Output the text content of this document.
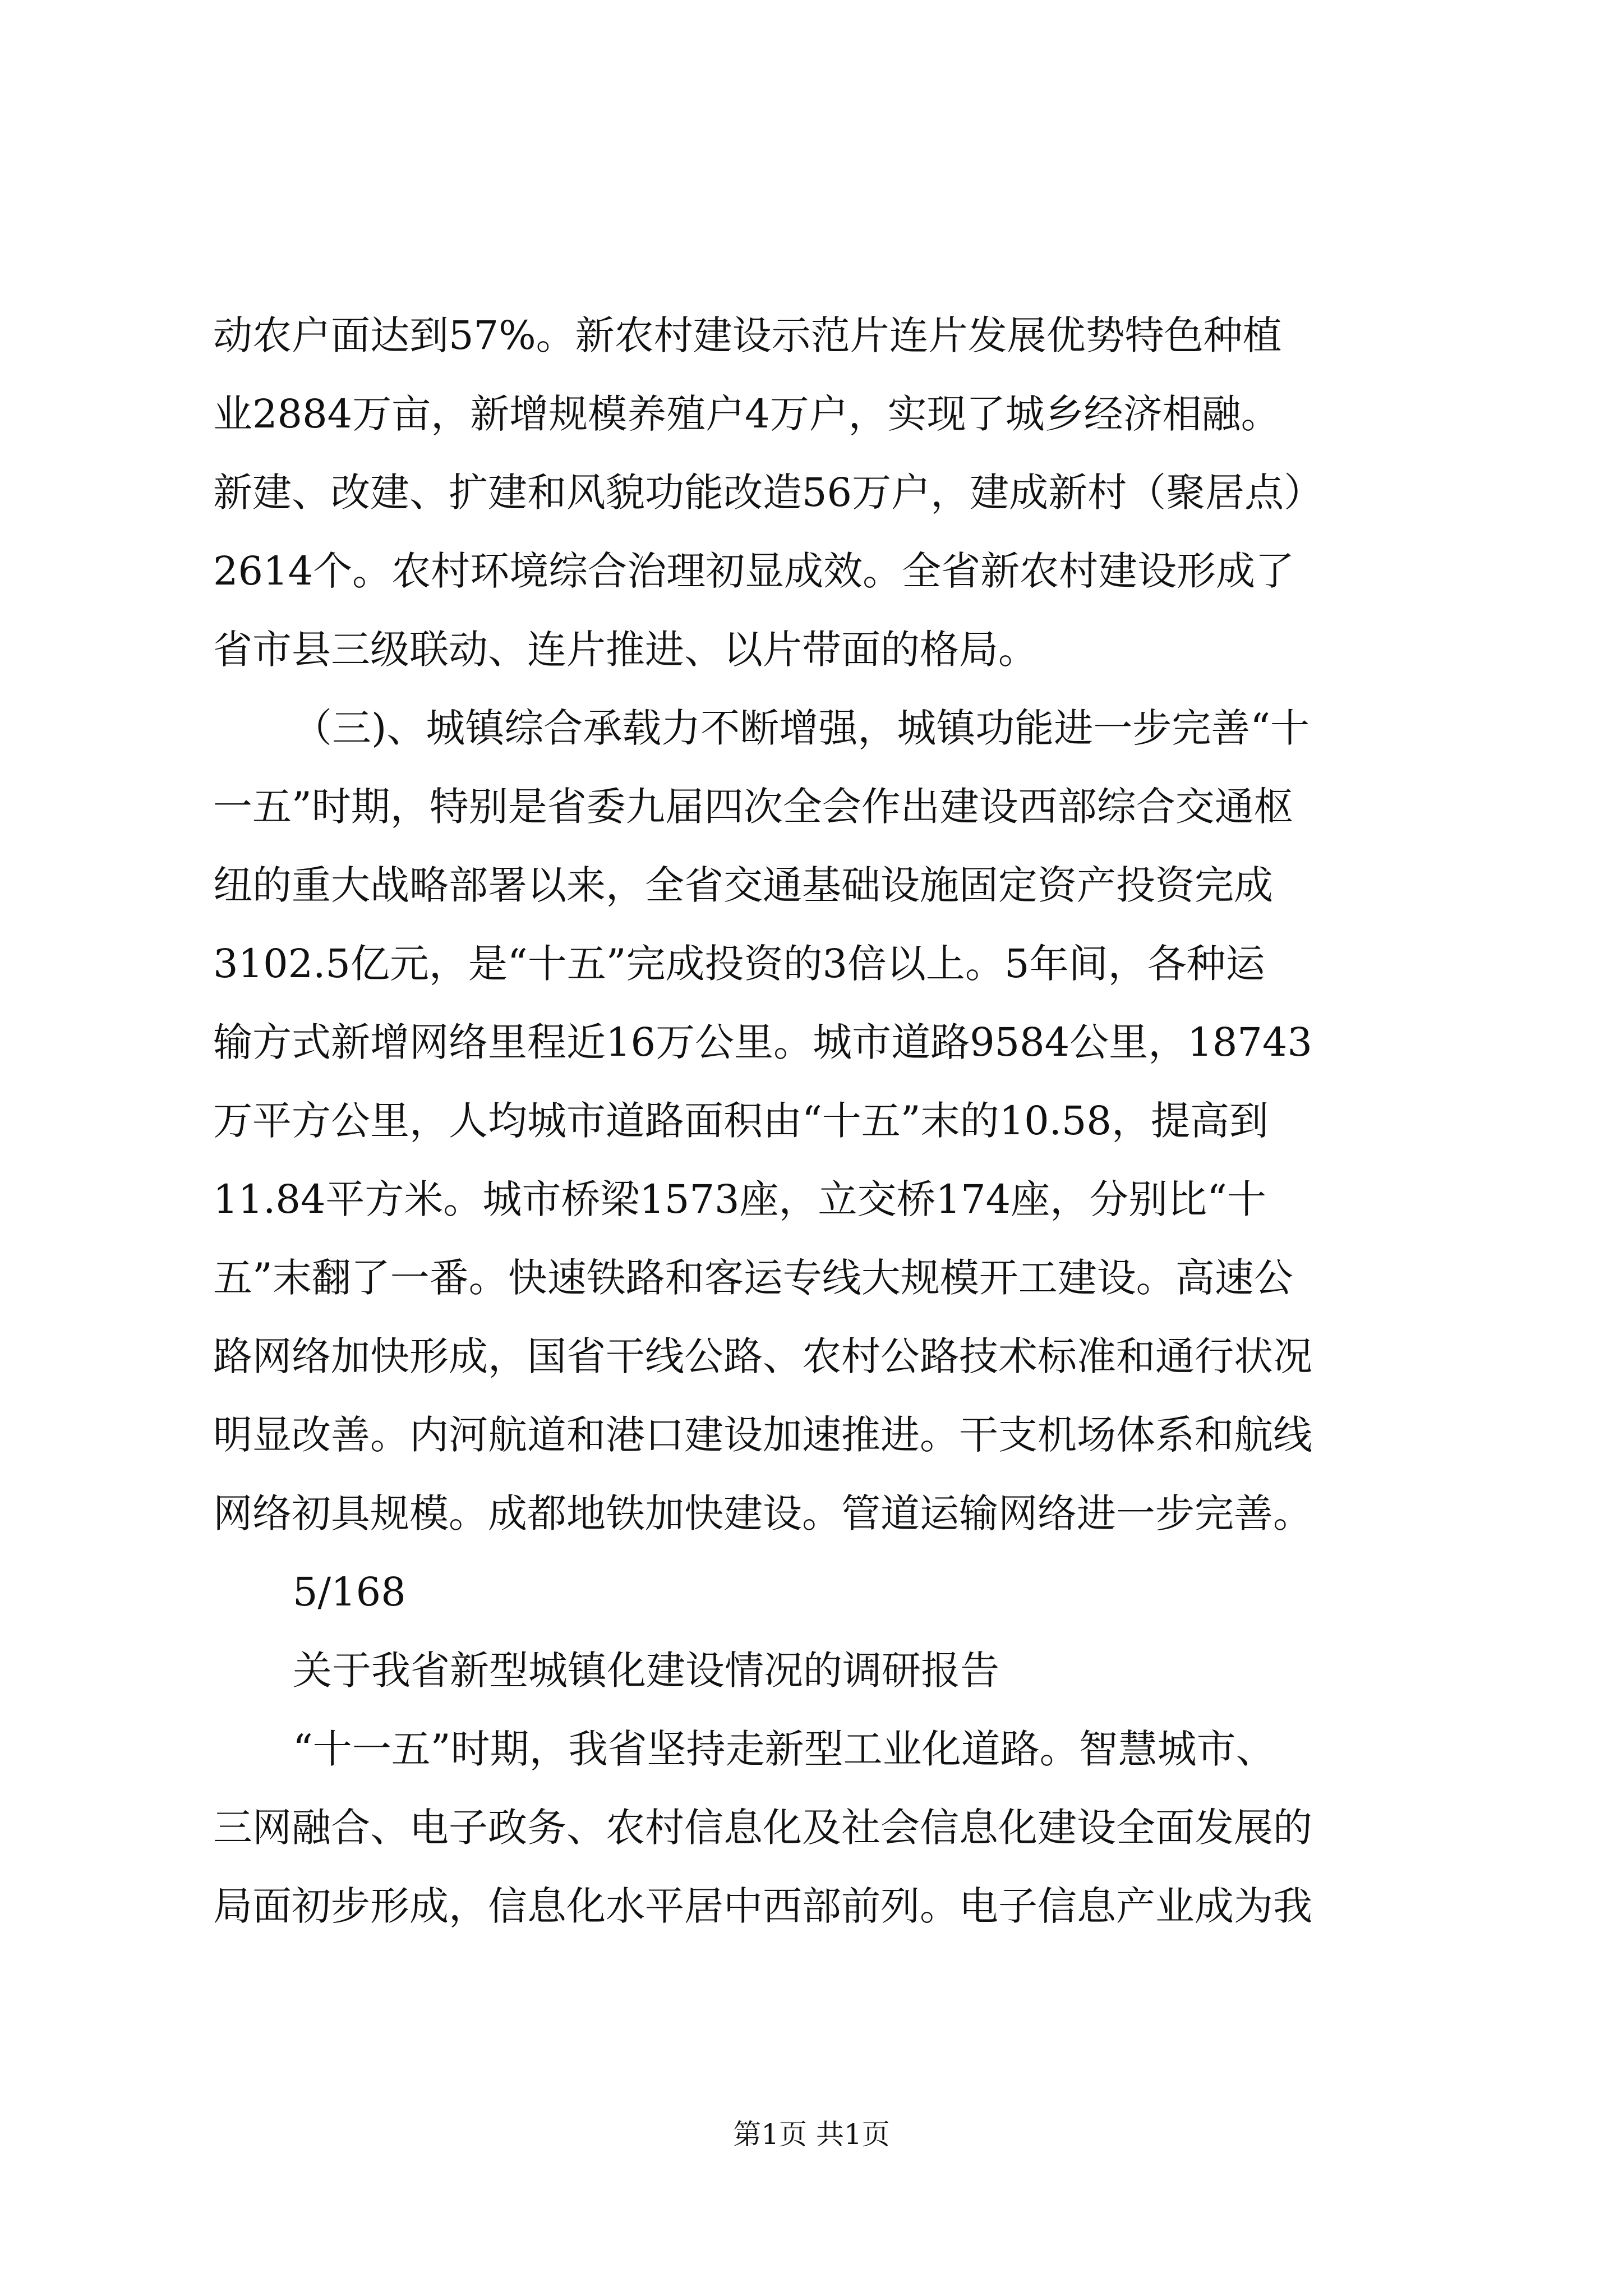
动农户面达到57%。新农村建设示范片连片发展优势特色种植
业2884万亩，新增规模养殖户4万户，实现了城乡经济相融。
新建、改建、扩建和风貌功能改造56万户，建成新村（聚居点）
2614个。农村环境综合治理初显成效。全省新农村建设形成了
省市县三级联动、连片推进、以片带面的格局。
（三)、城镇综合承载力不断增强，城镇功能进一步完善“十
一五”时期，特别是省委九届四次全会作出建设西部综合交通枢
纽的重大战略部署以来，全省交通基础设施固定资产投资完成
3102.5亿元，是“十五”完成投资的3倍以上。5年间，各种运
输方式新增网络里程近16万公里。城市道路9584公里，18743
万平方公里，人均城市道路面积由“十五”末的10.58，提高到
11.84平方米。城市桥梁1573座，立交桥174座，分别比“十
五”末翻了一番。快速铁路和客运专线大规模开工建设。高速公
路网络加快形成，国省干线公路、农村公路技术标准和通行状况
明显改善。内河航道和港口建设加速推进。干支机场体系和航线
网络初具规模。成都地铁加快建设。管道运输网络进一步完善。
5/168
关于我省新型城镇化建设情况的调研报告
“十一五”时期，我省坚持走新型工业化道路。智慧城市、
三网融合、电子政务、农村信息化及社会信息化建设全面发展的
局面初步形成，信息化水平居中西部前列。电子信息产业成为我
第1页 共1页
